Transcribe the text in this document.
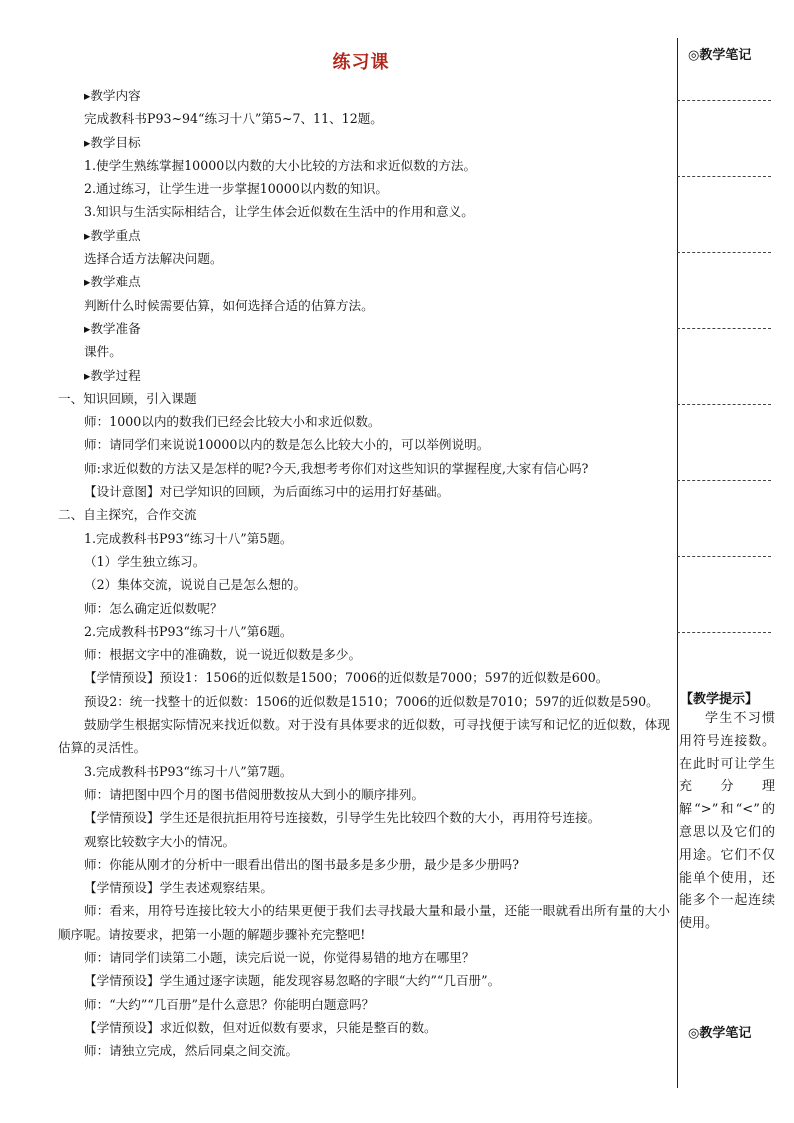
练习课
▸教学内容
完成教科书P93~94“练习十八”第5~7、11、12题。
▸教学目标
1.使学生熟练掌握10000以内数的大小比较的方法和求近似数的方法。
2.通过练习，让学生进一步掌握10000以内数的知识。
3.知识与生活实际相结合，让学生体会近似数在生活中的作用和意义。
▸教学重点
选择合适方法解决问题。
▸教学难点
判断什么时候需要估算，如何选择合适的估算方法。
▸教学准备
课件。
▸教学过程
一、知识回顾，引入课题
师：1000以内的数我们已经会比较大小和求近似数。
师：请同学们来说说10000以内的数是怎么比较大小的，可以举例说明。
师:求近似数的方法又是怎样的呢?今天,我想考考你们对这些知识的掌握程度,大家有信心吗?
【设计意图】对已学知识的回顾，为后面练习中的运用打好基础。
二、自主探究，合作交流
1.完成教科书P93“练习十八”第5题。
（1）学生独立练习。
（2）集体交流，说说自己是怎么想的。
师：怎么确定近似数呢？
2.完成教科书P93“练习十八”第6题。
师：根据文字中的准确数，说一说近似数是多少。
【学情预设】预设1：1506的近似数是1500；7006的近似数是7000；597的近似数是600。
预设2：统一找整十的近似数：1506的近似数是1510；7006的近似数是7010；597的近似数是590。
鼓励学生根据实际情况来找近似数。对于没有具体要求的近似数，可寻找便于读写和记忆的近似数，体现估算的灵活性。
3.完成教科书P93“练习十八”第7题。
师：请把图中四个月的图书借阅册数按从大到小的顺序排列。
【学情预设】学生还是很抗拒用符号连接数，引导学生先比较四个数的大小，再用符号连接。
观察比较数字大小的情况。
师：你能从刚才的分析中一眼看出借出的图书最多是多少册，最少是多少册吗?
【学情预设】学生表述观察结果。
师：看来，用符号连接比较大小的结果更便于我们去寻找最大量和最小量，还能一眼就看出所有量的大小顺序呢。请按要求，把第一小题的解题步骤补充完整吧!
师：请同学们读第二小题，读完后说一说，你觉得易错的地方在哪里？
【学情预设】学生通过逐字读题，能发现容易忽略的字眼“大约”“几百册”。
师：“大约”“几百册”是什么意思？你能明白题意吗？
【学情预设】求近似数，但对近似数有要求，只能是整百的数。
师：请独立完成，然后同桌之间交流。
◎教学笔记
【教学提示】
学生不习惯用符号连接数。在此时可让学生充分理解“>”和“<”的意思以及它们的用途。它们不仅能单个使用，还能多个一起连续使用。
◎教学笔记
